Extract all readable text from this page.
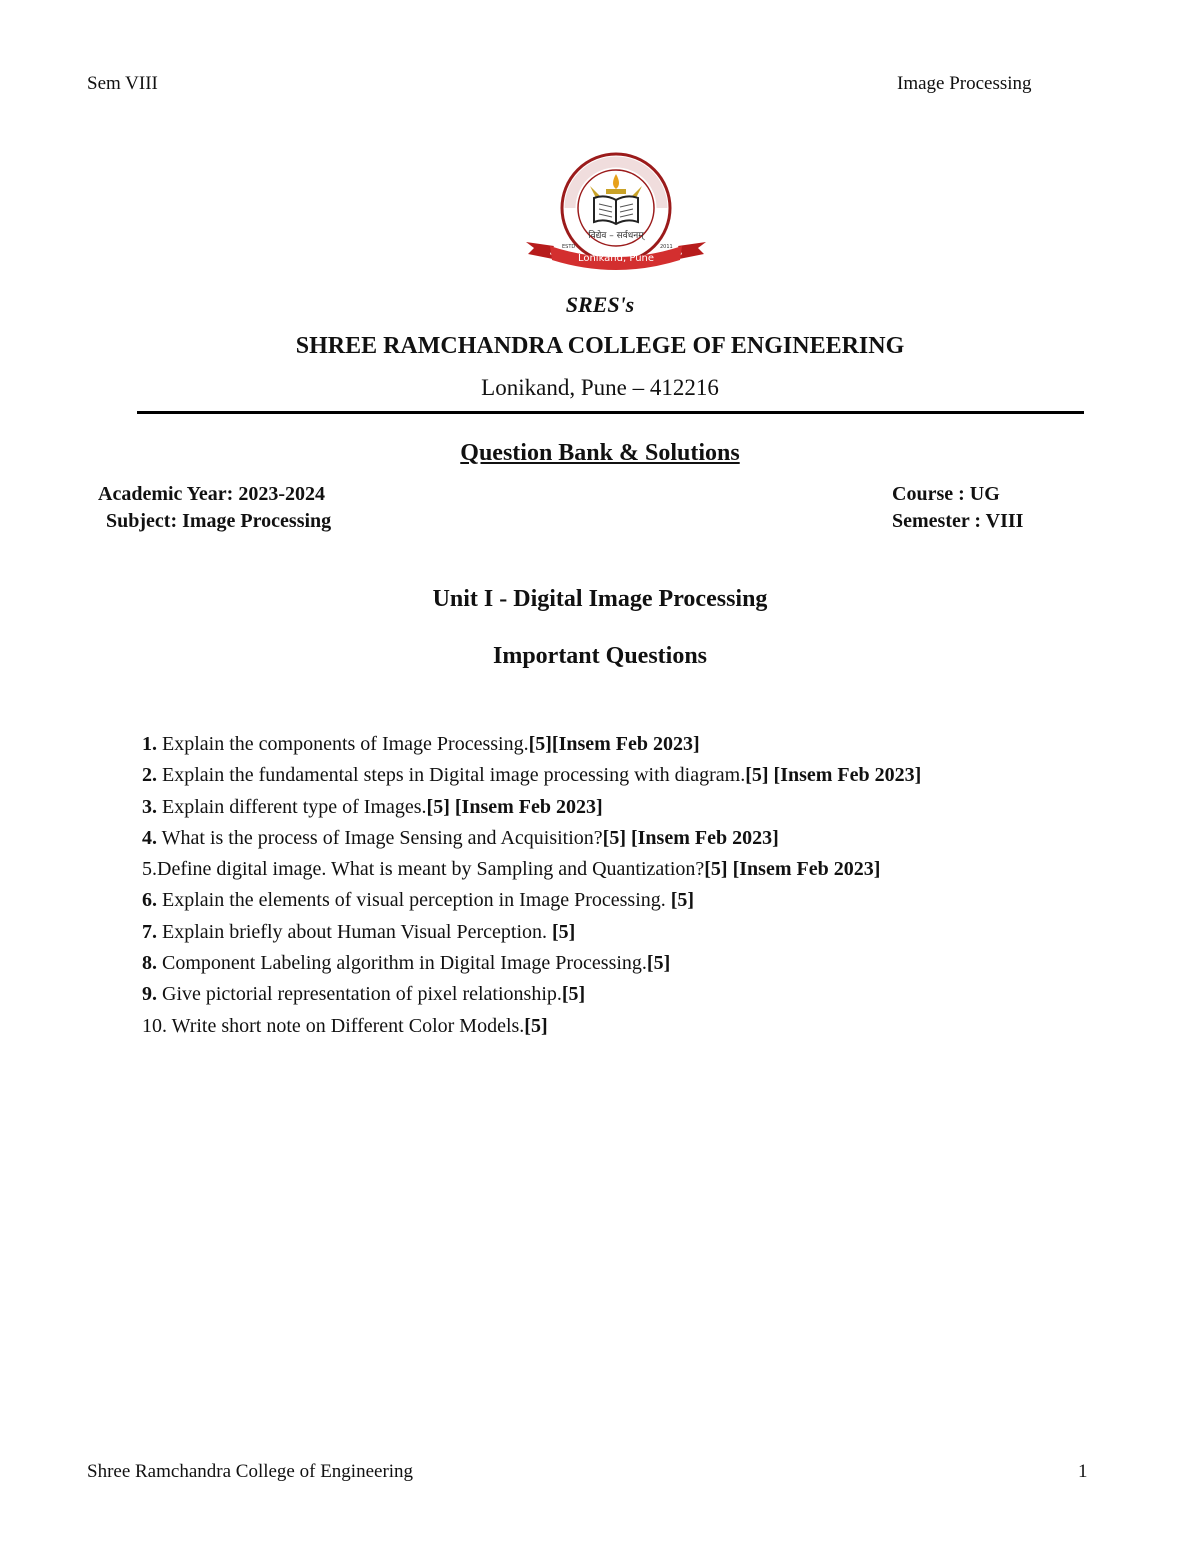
Sem VIII	Image Processing
विद्येव – सर्वधनम्
ESTD	2011
Lonikand, Pune
SRES's
SHREE RAMCHANDRA COLLEGE OF ENGINEERING
Lonikand, Pune – 412216
Question Bank & Solutions
Academic Year: 2023-2024
Subject: Image Processing
Course : UG
Semester : VIII
Unit I - Digital Image Processing
Important Questions
1. Explain the components of Image Processing.[5][Insem Feb 2023]
2. Explain the fundamental steps in Digital image processing with diagram.[5] [Insem Feb 2023]
3. Explain different type of Images.[5] [Insem Feb 2023]
4. What is the process of Image Sensing and Acquisition?[5] [Insem Feb 2023]
5.Define digital image. What is meant by Sampling and Quantization?[5] [Insem Feb 2023]
6. Explain the elements of visual perception in Image Processing. [5]
7. Explain briefly about Human Visual Perception. [5]
8. Component Labeling algorithm in Digital Image Processing.[5]
9. Give pictorial representation of pixel relationship.[5]
10. Write short note on Different Color Models.[5]
Shree Ramchandra College of Engineering	1
